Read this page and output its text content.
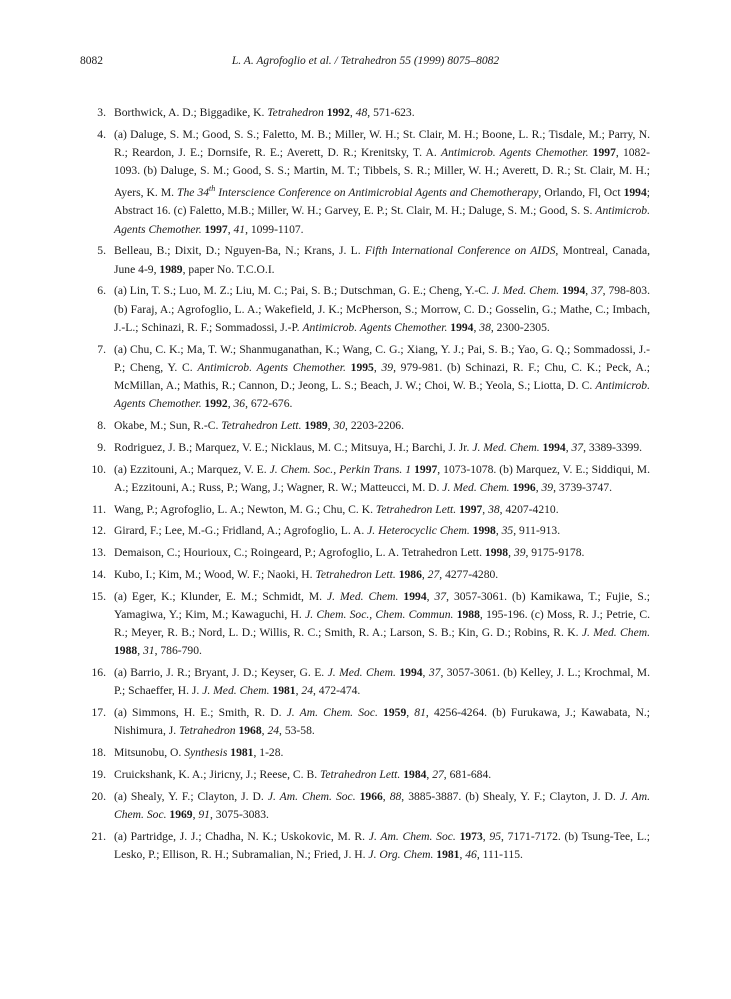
8082	L. A. Agrofoglio et al. / Tetrahedron 55 (1999) 8075–8082
3. Borthwick, A. D.; Biggadike, K. Tetrahedron 1992, 48, 571-623.
4. (a) Daluge, S. M.; Good, S. S.; Faletto, M. B.; Miller, W. H.; St. Clair, M. H.; Boone, L. R.; Tisdale, M.; Parry, N. R.; Reardon, J. E.; Dornsife, R. E.; Averett, D. R.; Krenitsky, T. A. Antimicrob. Agents Chemother. 1997, 1082-1093. (b) Daluge, S. M.; Good, S. S.; Martin, M. T.; Tibbels, S. R.; Miller, W. H.; Averett, D. R.; St. Clair, M. H.; Ayers, K. M. The 34th Interscience Conference on Antimicrobial Agents and Chemotherapy, Orlando, Fl, Oct 1994; Abstract 16. (c) Faletto, M.B.; Miller, W. H.; Garvey, E. P.; St. Clair, M. H.; Daluge, S. M.; Good, S. S. Antimicrob. Agents Chemother. 1997, 41, 1099-1107.
5. Belleau, B.; Dixit, D.; Nguyen-Ba, N.; Krans, J. L. Fifth International Conference on AIDS, Montreal, Canada, June 4-9, 1989, paper No. T.C.O.I.
6. (a) Lin, T. S.; Luo, M. Z.; Liu, M. C.; Pai, S. B.; Dutschman, G. E.; Cheng, Y.-C. J. Med. Chem. 1994, 37, 798-803. (b) Faraj, A.; Agrofoglio, L. A.; Wakefield, J. K.; McPherson, S.; Morrow, C. D.; Gosselin, G.; Mathe, C.; Imbach, J.-L.; Schinazi, R. F.; Sommadossi, J.-P. Antimicrob. Agents Chemother. 1994, 38, 2300-2305.
7. (a) Chu, C. K.; Ma, T. W.; Shanmuganathan, K.; Wang, C. G.; Xiang, Y. J.; Pai, S. B.; Yao, G. Q.; Sommadossi, J.-P.; Cheng, Y. C. Antimicrob. Agents Chemother. 1995, 39, 979-981. (b) Schinazi, R. F.; Chu, C. K.; Peck, A.; McMillan, A.; Mathis, R.; Cannon, D.; Jeong, L. S.; Beach, J. W.; Choi, W. B.; Yeola, S.; Liotta, D. C. Antimicrob. Agents Chemother. 1992, 36, 672-676.
8. Okabe, M.; Sun, R.-C. Tetrahedron Lett. 1989, 30, 2203-2206.
9. Rodriguez, J. B.; Marquez, V. E.; Nicklaus, M. C.; Mitsuya, H.; Barchi, J. Jr. J. Med. Chem. 1994, 37, 3389-3399.
10. (a) Ezzitouni, A.; Marquez, V. E. J. Chem. Soc., Perkin Trans. 1 1997, 1073-1078. (b) Marquez, V. E.; Siddiqui, M. A.; Ezzitouni, A.; Russ, P.; Wang, J.; Wagner, R. W.; Matteucci, M. D. J. Med. Chem. 1996, 39, 3739-3747.
11. Wang, P.; Agrofoglio, L. A.; Newton, M. G.; Chu, C. K. Tetrahedron Lett. 1997, 38, 4207-4210.
12. Girard, F.; Lee, M.-G.; Fridland, A.; Agrofoglio, L. A. J. Heterocyclic Chem. 1998, 35, 911-913.
13. Demaison, C.; Hourioux, C.; Roingeard, P.; Agrofoglio, L. A. Tetrahedron Lett. 1998, 39, 9175-9178.
14. Kubo, I.; Kim, M.; Wood, W. F.; Naoki, H. Tetrahedron Lett. 1986, 27, 4277-4280.
15. (a) Eger, K.; Klunder, E. M.; Schmidt, M. J. Med. Chem. 1994, 37, 3057-3061. (b) Kamikawa, T.; Fujie, S.; Yamagiwa, Y.; Kim, M.; Kawaguchi, H. J. Chem. Soc., Chem. Commun. 1988, 195-196. (c) Moss, R. J.; Petrie, C. R.; Meyer, R. B.; Nord, L. D.; Willis, R. C.; Smith, R. A.; Larson, S. B.; Kin, G. D.; Robins, R. K. J. Med. Chem. 1988, 31, 786-790.
16. (a) Barrio, J. R.; Bryant, J. D.; Keyser, G. E. J. Med. Chem. 1994, 37, 3057-3061. (b) Kelley, J. L.; Krochmal, M. P.; Schaeffer, H. J. J. Med. Chem. 1981, 24, 472-474.
17. (a) Simmons, H. E.; Smith, R. D. J. Am. Chem. Soc. 1959, 81, 4256-4264. (b) Furukawa, J.; Kawabata, N.; Nishimura, J. Tetrahedron 1968, 24, 53-58.
18. Mitsunobu, O. Synthesis 1981, 1-28.
19. Cruickshank, K. A.; Jiricny, J.; Reese, C. B. Tetrahedron Lett. 1984, 27, 681-684.
20. (a) Shealy, Y. F.; Clayton, J. D. J. Am. Chem. Soc. 1966, 88, 3885-3887. (b) Shealy, Y. F.; Clayton, J. D. J. Am. Chem. Soc. 1969, 91, 3075-3083.
21. (a) Partridge, J. J.; Chadha, N. K.; Uskokovic, M. R. J. Am. Chem. Soc. 1973, 95, 7171-7172. (b) Tsung-Tee, L.; Lesko, P.; Ellison, R. H.; Subramalian, N.; Fried, J. H. J. Org. Chem. 1981, 46, 111-115.
